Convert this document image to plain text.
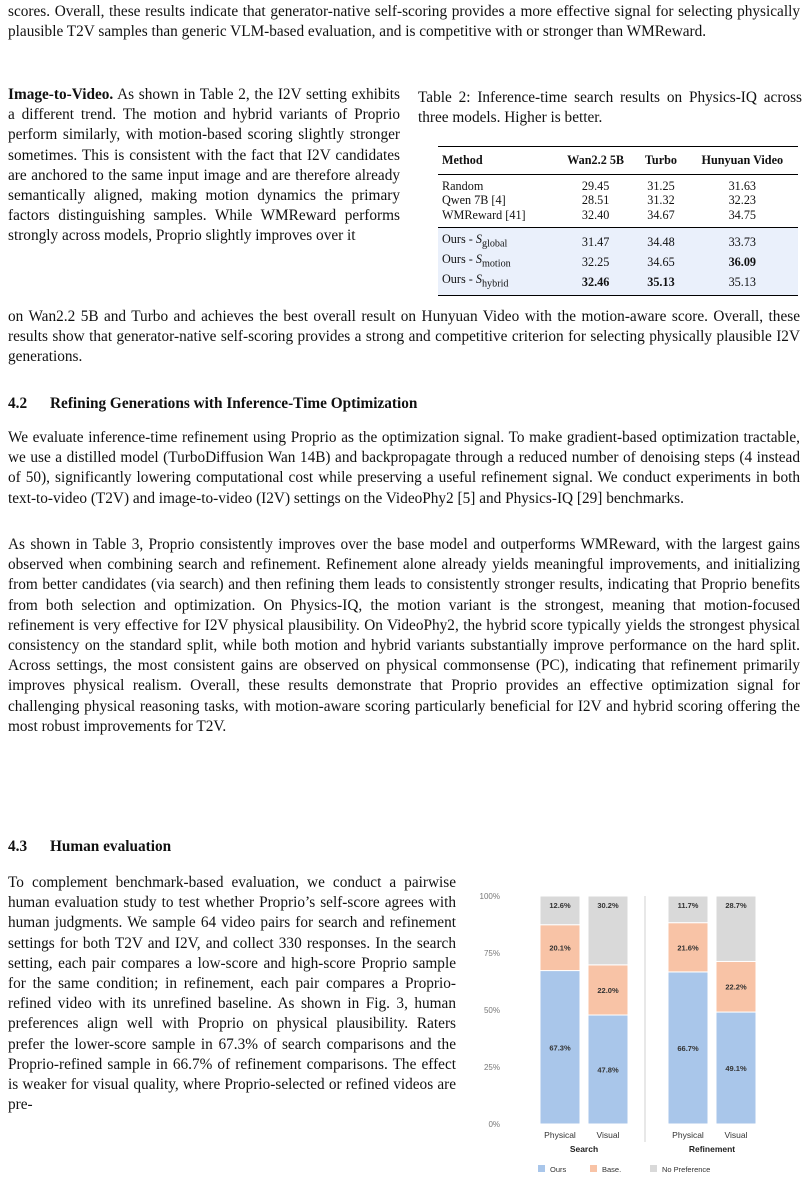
scores. Overall, these results indicate that generator-native self-scoring provides a more effective signal for selecting physically plausible T2V samples than generic VLM-based evaluation, and is competitive with or stronger than WMReward.

Image-to-Video. As shown in Table 2, the I2V setting exhibits a different trend. The motion and hybrid variants of Proprio perform similarly, with motion-based scoring slightly stronger sometimes. This is consistent with the fact that I2V candidates are anchored to the same input image and are therefore already semantically aligned, making motion dynamics the primary factors distinguishing samples. While WMReward performs strongly across models, Proprio slightly improves over it

on Wan2.2 5B and Turbo and achieves the best overall result on Hunyuan Video with the motion-aware score. Overall, these results show that generator-native self-scoring provides a strong and competitive criterion for selecting physically plausible I2V generations.

Table 2: Inference-time search results on Physics-IQ across three models. Higher is better.

Method	Wan2.2 5B	Turbo	Hunyuan Video
Random	29.45	31.25	31.63
Qwen 7B [4]	28.51	31.32	32.23
WMReward [41]	32.40	34.67	34.75
Ours - $S_{global}$	31.47	34.48	33.73
Ours - $S_{motion}$	32.25	34.65	36.09
Ours - $S_{hybrid}$	32.46	35.13	35.13
4.2 Refining Generations with Inference-Time Optimization

We evaluate inference-time refinement using Proprio as the optimization signal. To make gradient-based optimization tractable, we use a distilled model (TurboDiffusion Wan 14B) and backpropagate through a reduced number of denoising steps (4 instead of 50), significantly lowering computational cost while preserving a useful refinement signal. We conduct experiments in both text-to-video (T2V) and image-to-video (I2V) settings on the VideoPhy2 [5] and Physics-IQ [29] benchmarks.

As shown in Table 3, Proprio consistently improves over the base model and outperforms WMReward, with the largest gains observed when combining search and refinement. Refinement alone already yields meaningful improvements, and initializing from better candidates (via search) and then refining them leads to consistently stronger results, indicating that Proprio benefits from both selection and optimization. On Physics-IQ, the motion variant is the strongest, meaning that motion-focused refinement is very effective for I2V physical plausibility. On VideoPhy2, the hybrid score typically yields the strongest physical consistency on the standard split, while both motion and hybrid variants substantially improve performance on the hard split. Across settings, the most consistent gains are observed on physical commonsense (PC), indicating that refinement primarily improves physical realism. Overall, these results demonstrate that Proprio provides an effective optimization signal for challenging physical reasoning tasks, with motion-aware scoring particularly beneficial for I2V and hybrid scoring offering the most robust improvements for T2V.

4.3 Human evaluation

To complement benchmark-based evaluation, we conduct a pairwise human evaluation study to test whether Proprio’s self-score agrees with human judgments. We sample 64 video pairs for search and refinement settings for both T2V and I2V, and collect 330 responses. In the search setting, each pair compares a low-score and high-score Proprio sample for the same condition; in refinement, each pair compares a Proprio-refined video with its unrefined baseline. As shown in Fig. 3, human preferences align well with Proprio on physical plausibility. Raters prefer the lower-score sample in 67.3% of search comparisons and the Proprio-refined sample in 66.7% of refinement comparisons. The effect is weaker for visual quality, where Proprio-selected or refined videos are pre-

0%
25%
50%
75%
100%
67.3%
20.1%
12.6%
Physical
47.8%
22.0%
30.2%
Visual
66.7%
21.6%
11.7%
Physical
49.1%
22.2%
28.7%
Visual
Search	Refinement
Ours	Base.	No Preference
